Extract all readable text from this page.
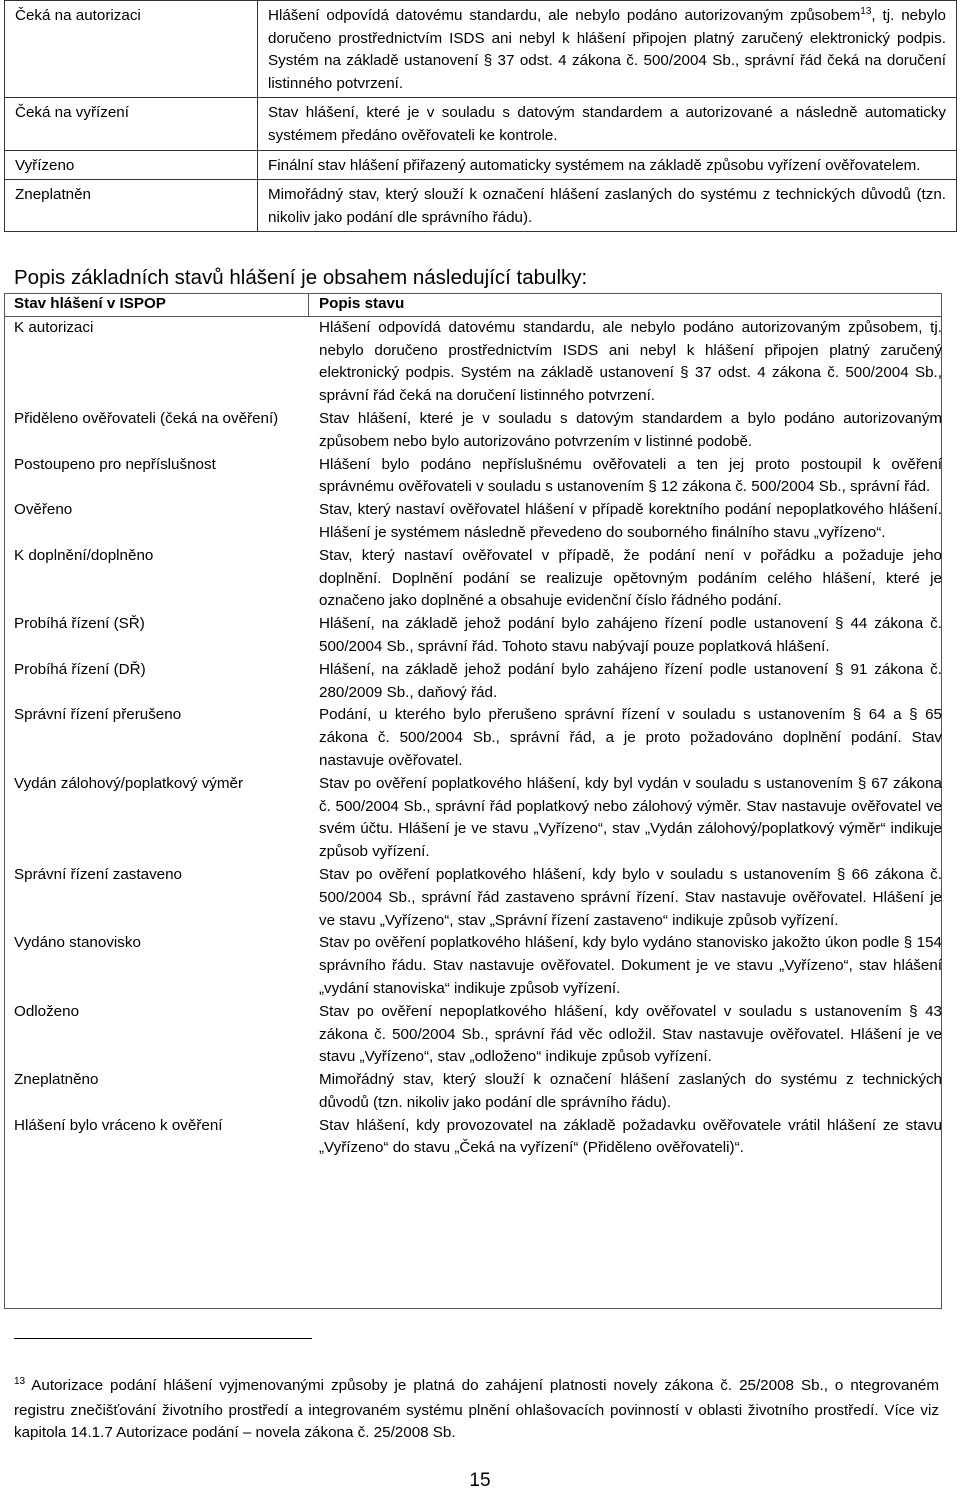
Čeká na autorizaci	Hlášení odpovídá datovému standardu, ale nebylo podáno autorizovaným způsobem$^{13}$, tj. nebylo doručeno prostřednictvím ISDS ani nebyl k hlášení připojen platný zaručený elektronický podpis. Systém na základě ustanovení § 37 odst. 4 zákona č. 500/2004 Sb., správní řád čeká na doručení listinného potvrzení.
Čeká na vyřízení	Stav hlášení, které je v souladu s datovým standardem a autorizované a následně automaticky systémem předáno ověřovateli ke kontrole.
Vyřízeno	Finální stav hlášení přiřazený automaticky systémem na základě způsobu vyřízení ověřovatelem.
Zneplatněn	Mimořádný stav, který slouží k označení hlášení zaslaných do systému z technických důvodů (tzn. nikoliv jako podání dle správního řádu).
Popis základních stavů hlášení je obsahem následující tabulky:
Stav hlášení v ISPOP	Popis stavu
K autorizaci	Hlášení odpovídá datovému standardu, ale nebylo podáno autorizovaným způsobem, tj. nebylo doručeno prostřednictvím ISDS ani nebyl k hlášení připojen platný zaručený elektronický podpis. Systém na základě ustanovení § 37 odst. 4 zákona č. 500/2004 Sb., správní řád čeká na doručení listinného potvrzení.
Přiděleno ověřovateli (čeká na ověření)	Stav hlášení, které je v souladu s datovým standardem a bylo podáno autorizovaným způsobem nebo bylo autorizováno potvrzením v listinné podobě.
Postoupeno pro nepříslušnost	Hlášení bylo podáno nepříslušnému ověřovateli a ten jej proto postoupil k ověření správnému ověřovateli v souladu s ustanovením § 12 zákona č. 500/2004 Sb., správní řád.
Ověřeno	Stav, který nastaví ověřovatel hlášení v případě korektního podání nepoplatkového hlášení. Hlášení je systémem následně převedeno do souborného finálního stavu „vyřízeno“.
K doplnění/doplněno	Stav, který nastaví ověřovatel v případě, že podání není v pořádku a požaduje jeho doplnění. Doplnění podání se realizuje opětovným podáním celého hlášení, které je označeno jako doplněné a obsahuje evidenční číslo řádného podání.
Probíhá řízení (SŘ)	Hlášení, na základě jehož podání bylo zahájeno řízení podle ustanovení § 44 zákona č. 500/2004 Sb., správní řád. Tohoto stavu nabývají pouze poplatková hlášení.
Probíhá řízení (DŘ)	Hlášení, na základě jehož podání bylo zahájeno řízení podle ustanovení § 91 zákona č. 280/2009 Sb., daňový řád.
Správní řízení přerušeno	Podání, u kterého bylo přerušeno správní řízení v souladu s ustanovením § 64 a § 65 zákona č. 500/2004 Sb., správní řád, a je proto požadováno doplnění podání. Stav nastavuje ověřovatel.
Vydán zálohový/poplatkový výměr	Stav po ověření poplatkového hlášení, kdy byl vydán v souladu s ustanovením § 67 zákona č. 500/2004 Sb., správní řád poplatkový nebo zálohový výměr. Stav nastavuje ověřovatel ve svém účtu. Hlášení je ve stavu „Vyřízeno“, stav „Vydán zálohový/poplatkový výměr“ indikuje způsob vyřízení.
Správní řízení zastaveno	Stav po ověření poplatkového hlášení, kdy bylo v souladu s ustanovením § 66 zákona č. 500/2004 Sb., správní řád zastaveno správní řízení. Stav nastavuje ověřovatel. Hlášení je ve stavu „Vyřízeno“, stav „Správní řízení zastaveno“ indikuje způsob vyřízení.
Vydáno stanovisko	Stav po ověření poplatkového hlášení, kdy bylo vydáno stanovisko jakožto úkon podle § 154 správního řádu. Stav nastavuje ověřovatel. Dokument je ve stavu „Vyřízeno“, stav hlášení „vydání stanoviska“ indikuje způsob vyřízení.
Odloženo	Stav po ověření nepoplatkového hlášení, kdy ověřovatel v souladu s ustanovením § 43 zákona č. 500/2004 Sb., správní řád věc odložil. Stav nastavuje ověřovatel. Hlášení je ve stavu „Vyřízeno“, stav „odloženo“ indikuje způsob vyřízení.
Zneplatněno	Mimořádný stav, který slouží k označení hlášení zaslaných do systému z technických důvodů (tzn. nikoliv jako podání dle správního řádu).
Hlášení bylo vráceno k ověření	Stav hlášení, kdy provozovatel na základě požadavku ověřovatele vrátil hlášení ze stavu „Vyřízeno“ do stavu „Čeká na vyřízení“ (Přiděleno ověřovateli)“.
$^{13}$ Autorizace podání hlášení vyjmenovanými způsoby je platná do zahájení platnosti novely zákona č. 25/2008 Sb., o ntegrovaném registru znečišťování životního prostředí a integrovaném systému plnění ohlašovacích povinností v oblasti životního prostředí. Více viz kapitola 14.1.7 Autorizace podání – novela zákona č. 25/2008 Sb.
15
